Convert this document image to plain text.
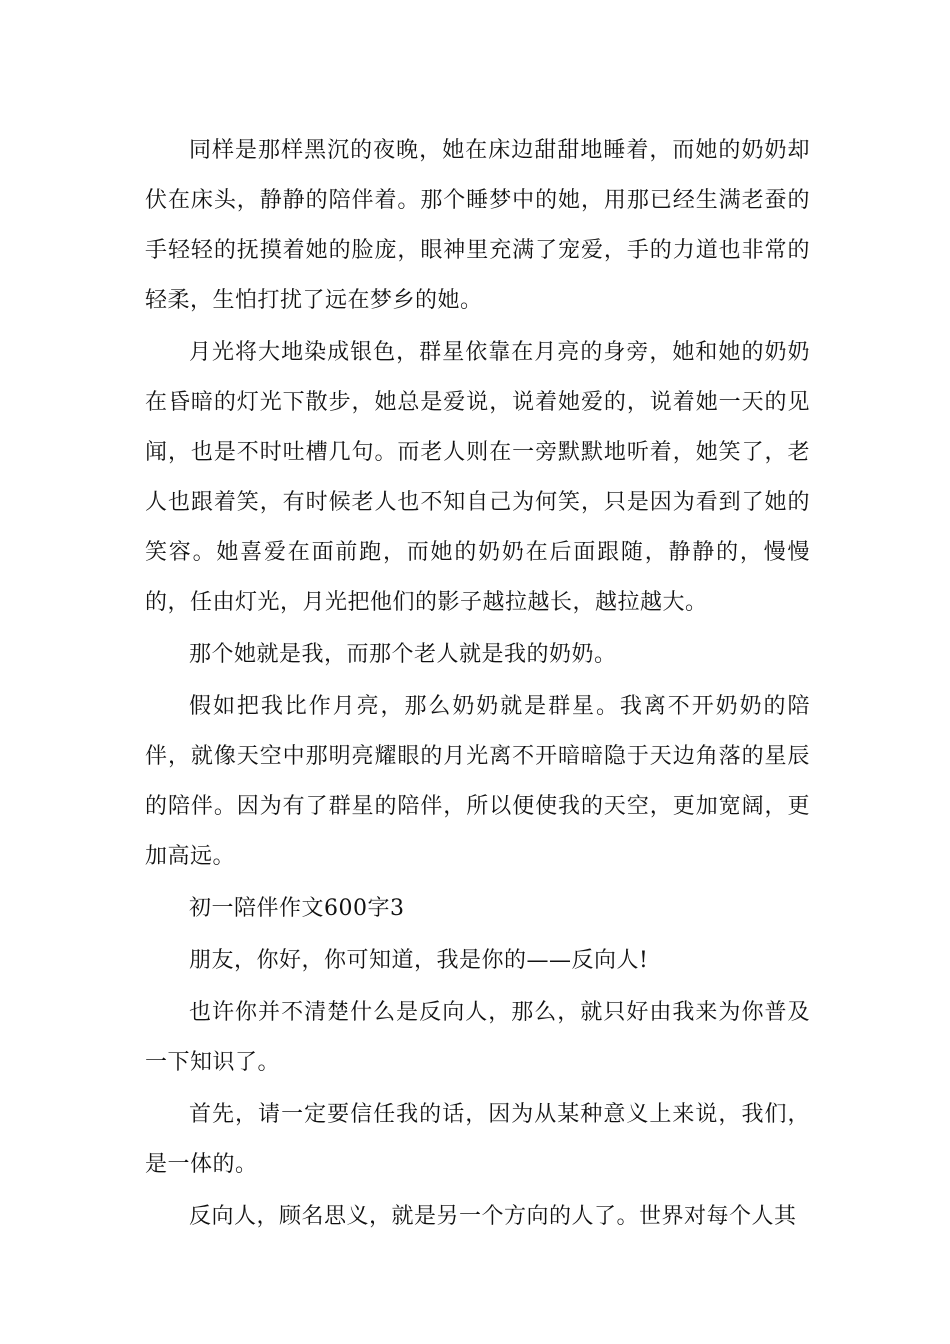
同样是那样黑沉的夜晚，她在床边甜甜地睡着，而她的奶奶却伏在床头，静静的陪伴着。那个睡梦中的她，用那已经生满老蚕的手轻轻的抚摸着她的脸庞，眼神里充满了宠爱，手的力道也非常的轻柔，生怕打扰了远在梦乡的她。

月光将大地染成银色，群星依靠在月亮的身旁，她和她的奶奶在昏暗的灯光下散步，她总是爱说，说着她爱的，说着她一天的见闻，也是不时吐槽几句。而老人则在一旁默默地听着，她笑了，老人也跟着笑，有时候老人也不知自己为何笑，只是因为看到了她的笑容。她喜爱在面前跑，而她的奶奶在后面跟随，静静的，慢慢的，任由灯光，月光把他们的影子越拉越长，越拉越大。

那个她就是我，而那个老人就是我的奶奶。

假如把我比作月亮，那么奶奶就是群星。我离不开奶奶的陪伴，就像天空中那明亮耀眼的月光离不开暗暗隐于天边角落的星辰的陪伴。因为有了群星的陪伴，所以便使我的天空，更加宽阔，更加高远。

初一陪伴作文600字3

朋友，你好，你可知道，我是你的——反向人!

也许你并不清楚什么是反向人，那么，就只好由我来为你普及一下知识了。

首先，请一定要信任我的话，因为从某种意义上来说，我们，是一体的。

反向人，顾名思义，就是另一个方向的人了。世界对每个人其
